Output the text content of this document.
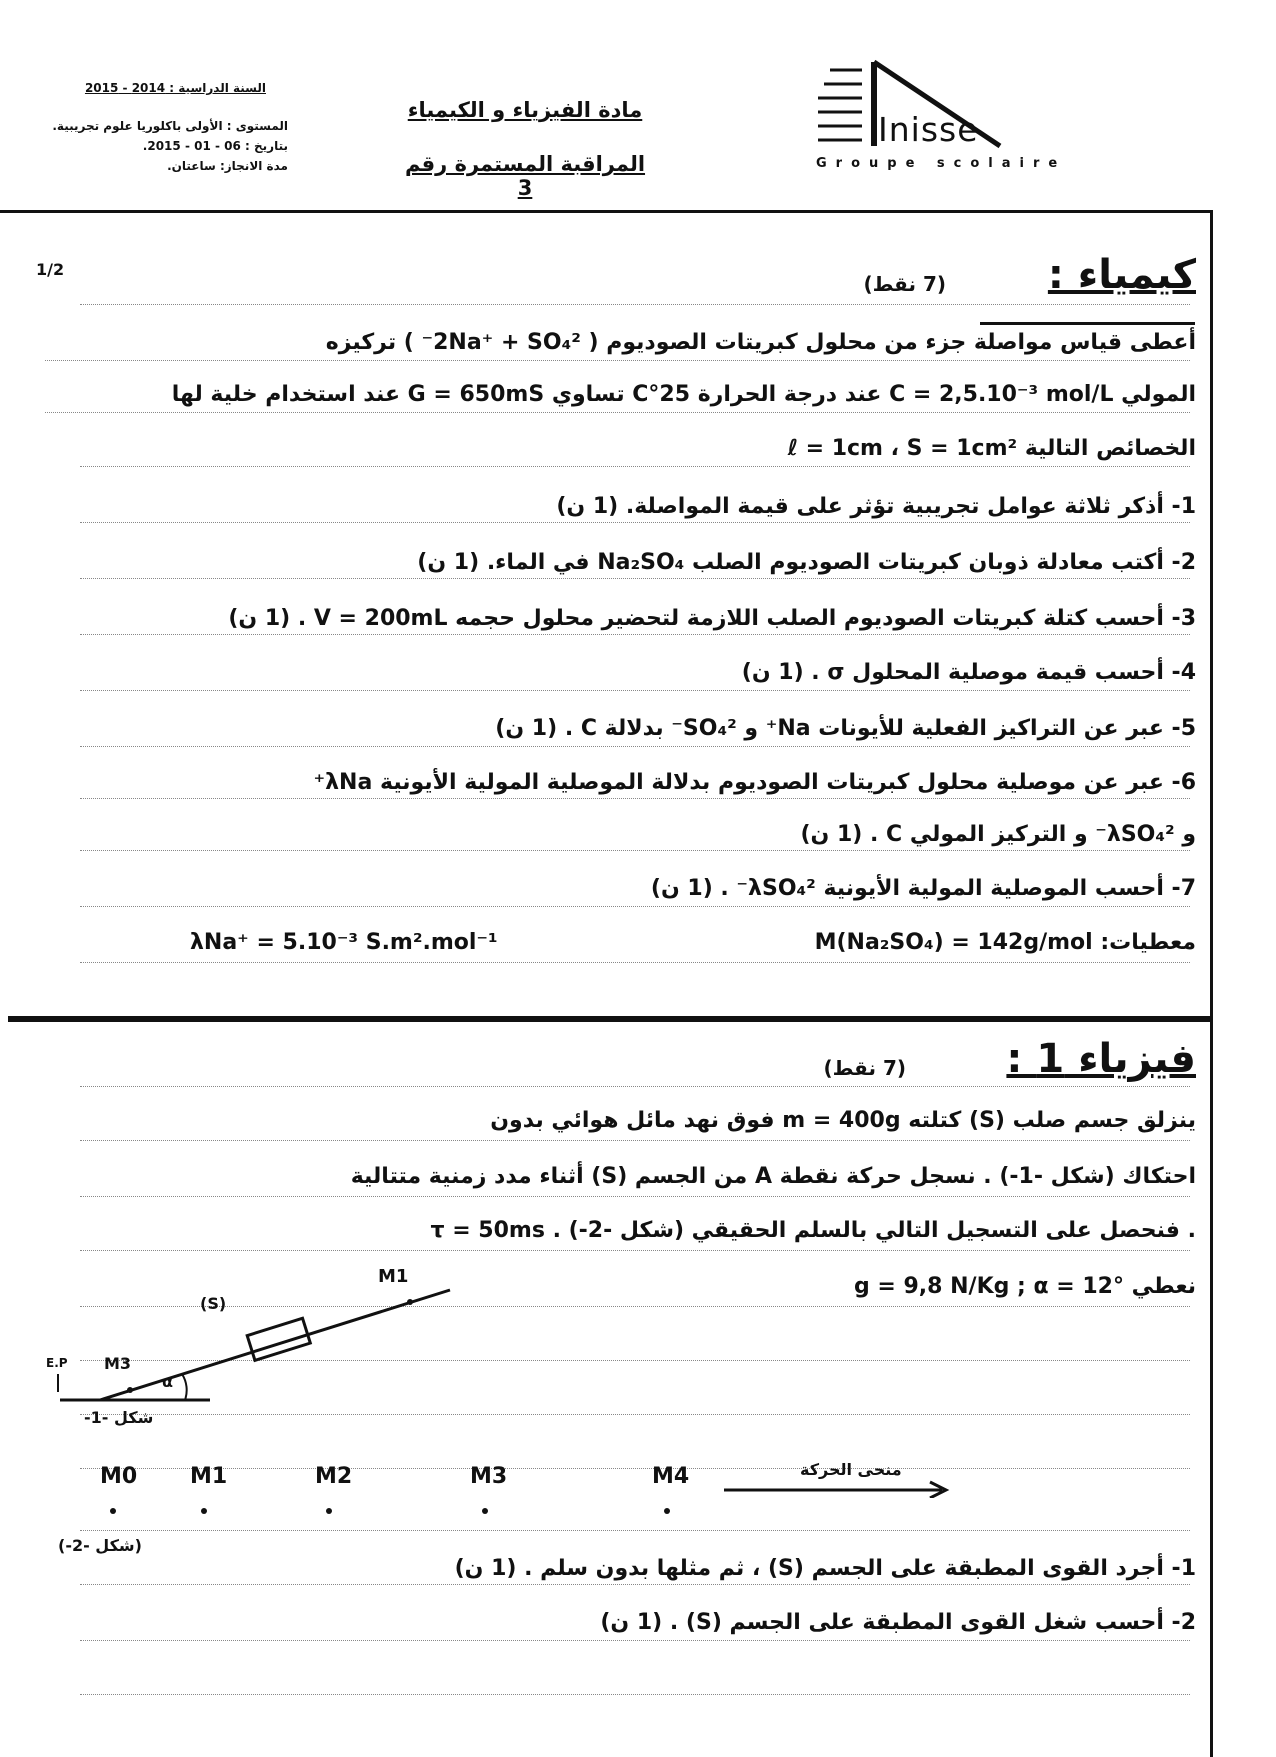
السنة الدراسية : 2014 - 2015
المستوى : الأولى باكلوريا علوم تجريبية.
بتاريخ : 06 - 01 - 2015.
مدة الانجاز: ساعتان.
مادة الفيزياء و الكيمياء
المراقبة المستمرة رقم 3
Inisse
Groupe scolaire
1/2	كيمياء :
(7 نقط)
أعطى قياس مواصلة جزء من محلول كبريتات الصوديوم ( 2Na⁺ + SO₄²⁻ ) تركيزه
المولي C = 2,5.10⁻³ mol/L عند درجة الحرارة 25°C تساوي G = 650mS عند استخدام خلية لها
الخصائص التالية ℓ = 1cm ، S = 1cm²
1- أذكر ثلاثة عوامل تجريبية تؤثر على قيمة المواصلة. (1 ن)
2- أكتب معادلة ذوبان كبريتات الصوديوم الصلب Na₂SO₄ في الماء. (1 ن)
3- أحسب كتلة كبريتات الصوديوم الصلب اللازمة لتحضير محلول حجمه V = 200mL . (1 ن)
4- أحسب قيمة موصلية المحلول σ . (1 ن)
5- عبر عن التراكيز الفعلية للأيونات Na⁺ و SO₄²⁻ بدلالة C . (1 ن)
6- عبر عن موصلية محلول كبريتات الصوديوم بدلالة الموصلية المولية الأيونية λNa⁺
و λSO₄²⁻ و التركيز المولي C . (1 ن)
7- أحسب الموصلية المولية الأيونية λSO₄²⁻ . (1 ن)
معطيات: M(Na₂SO₄) = 142g/mol
λNa⁺ = 5.10⁻³ S.m².mol⁻¹
فيزياء 1 :
(7 نقط)
ينزلق جسم صلب (S) كتلته m = 400g فوق نهد مائل هوائي بدون
احتكاك (شكل -1-) . نسجل حركة نقطة A من الجسم (S) أثناء مدد زمنية متتالية
τ = 50ms . فنحصل على التسجيل التالي بالسلم الحقيقي (شكل -2-) .
نعطي g = 9,8 N/Kg ; α = 12°
M1
(S)
M3
E.P
α
شكل -1-
M0 M1	M2	M3	M4	منحى الحركة
(شكل -2-)
1- أجرد القوى المطبقة على الجسم (S) ، ثم مثلها بدون سلم . (1 ن)
2- أحسب شغل القوى المطبقة على الجسم (S) . (1 ن)
